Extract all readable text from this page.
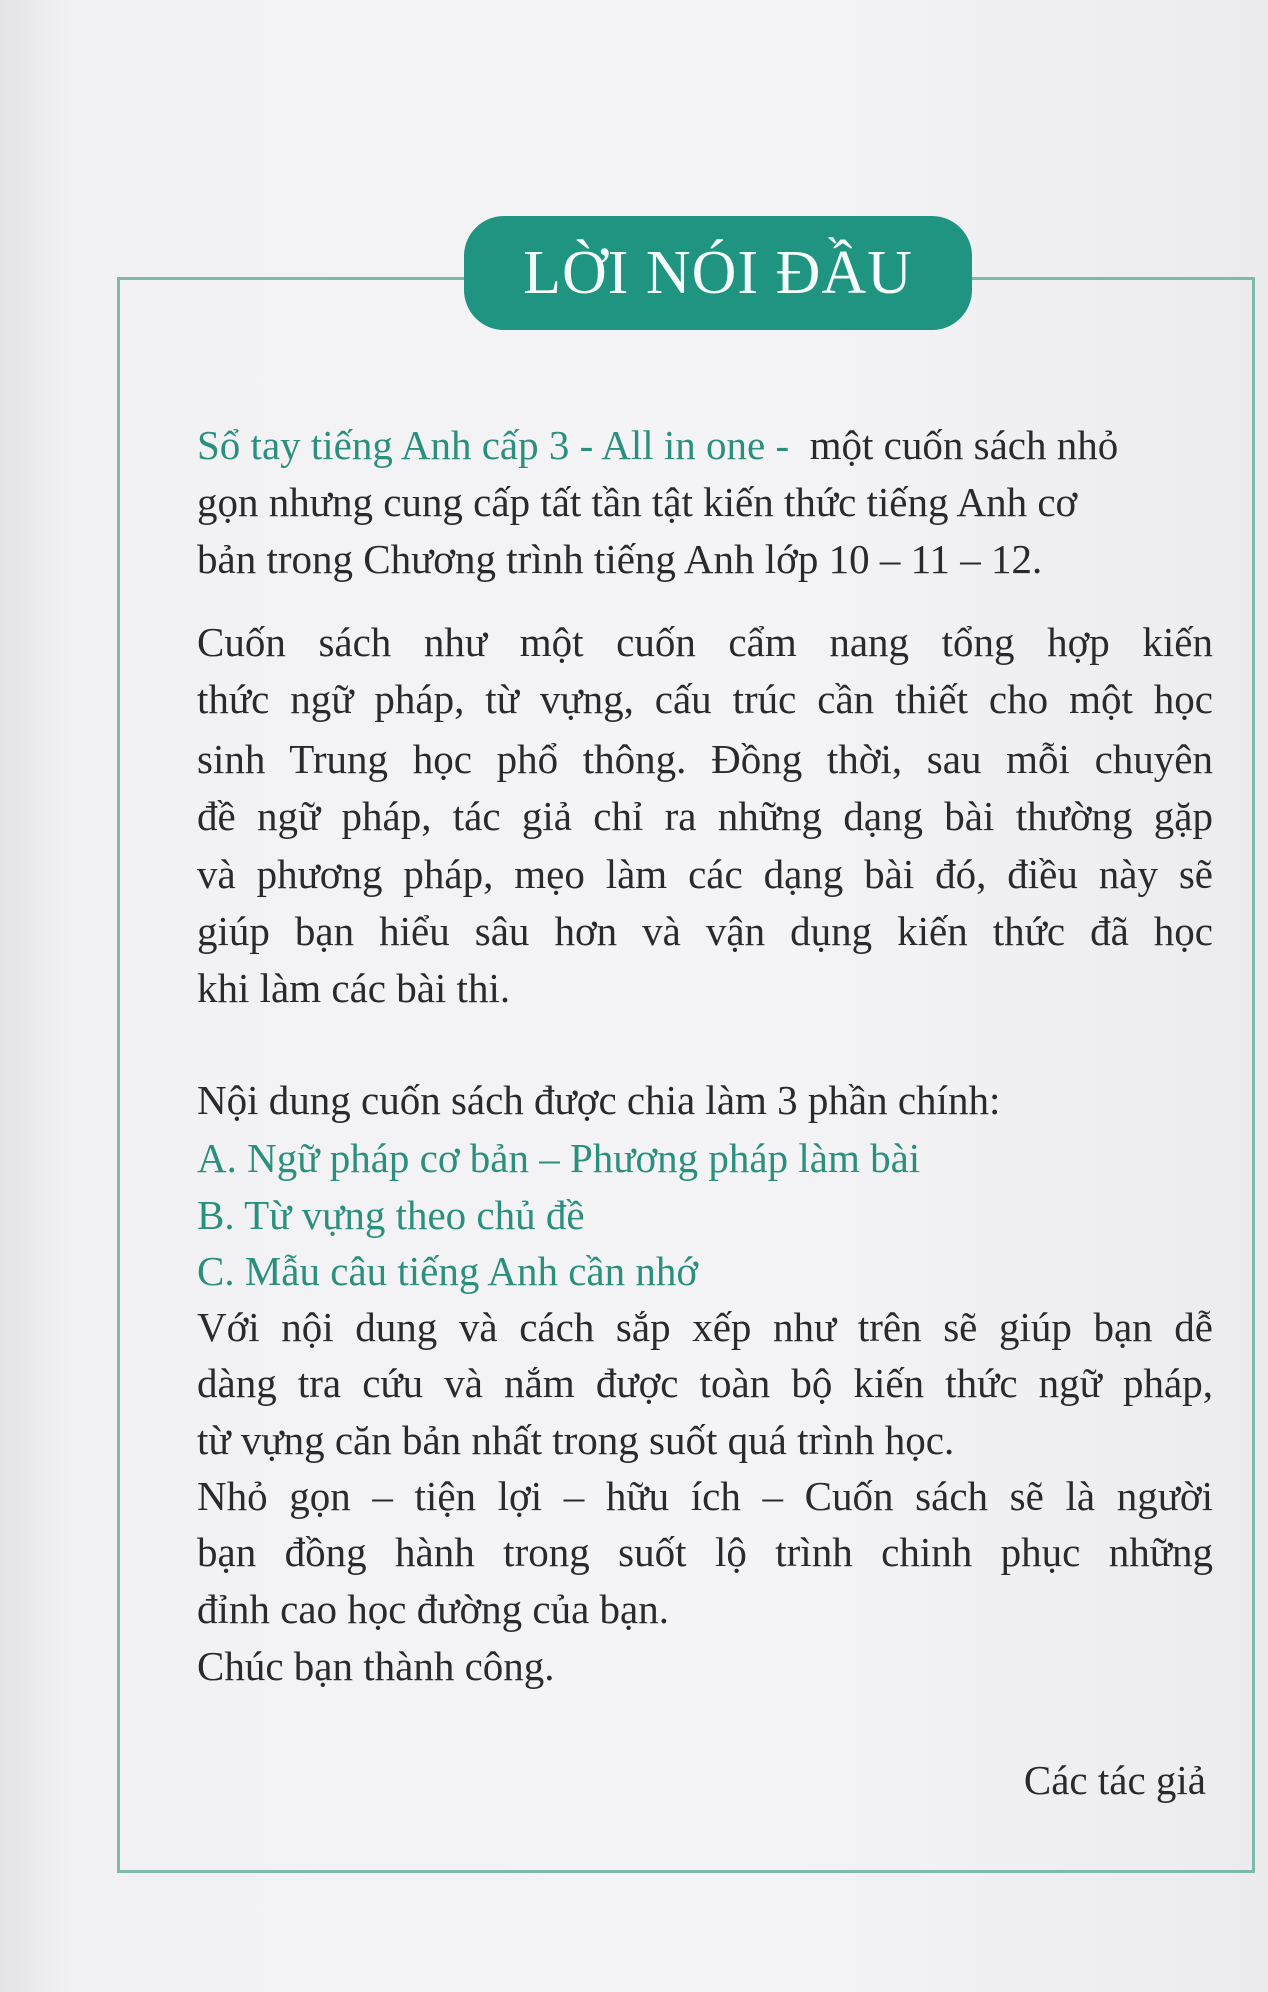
LỜI NÓI ĐẦU
Sổ tay tiếng Anh cấp 3 - All in one -  một cuốn sách nhỏ
gọn nhưng cung cấp tất tần tật kiến thức tiếng Anh cơ
bản trong Chương trình tiếng Anh lớp 10 – 11 – 12.
Cuốn sách như một cuốn cẩm nang tổng hợp kiến
thức ngữ pháp, từ vựng, cấu trúc cần thiết cho một học
sinh Trung học phổ thông. Đồng thời, sau mỗi chuyên
đề ngữ pháp, tác giả chỉ ra những dạng bài thường gặp
và phương pháp, mẹo làm các dạng bài đó, điều này sẽ
giúp bạn hiểu sâu hơn và vận dụng kiến thức đã học
khi làm các bài thi.
Nội dung cuốn sách được chia làm 3 phần chính:
A. Ngữ pháp cơ bản – Phương pháp làm bài
B. Từ vựng theo chủ đề
C. Mẫu câu tiếng Anh cần nhớ
Với nội dung và cách sắp xếp như trên sẽ giúp bạn dễ
dàng tra cứu và nắm được toàn bộ kiến thức ngữ pháp,
từ vựng căn bản nhất trong suốt quá trình học.
Nhỏ gọn – tiện lợi – hữu ích – Cuốn sách sẽ là người
bạn đồng hành trong suốt lộ trình chinh phục những
đỉnh cao học đường của bạn.
Chúc bạn thành công.
Các tác giả
